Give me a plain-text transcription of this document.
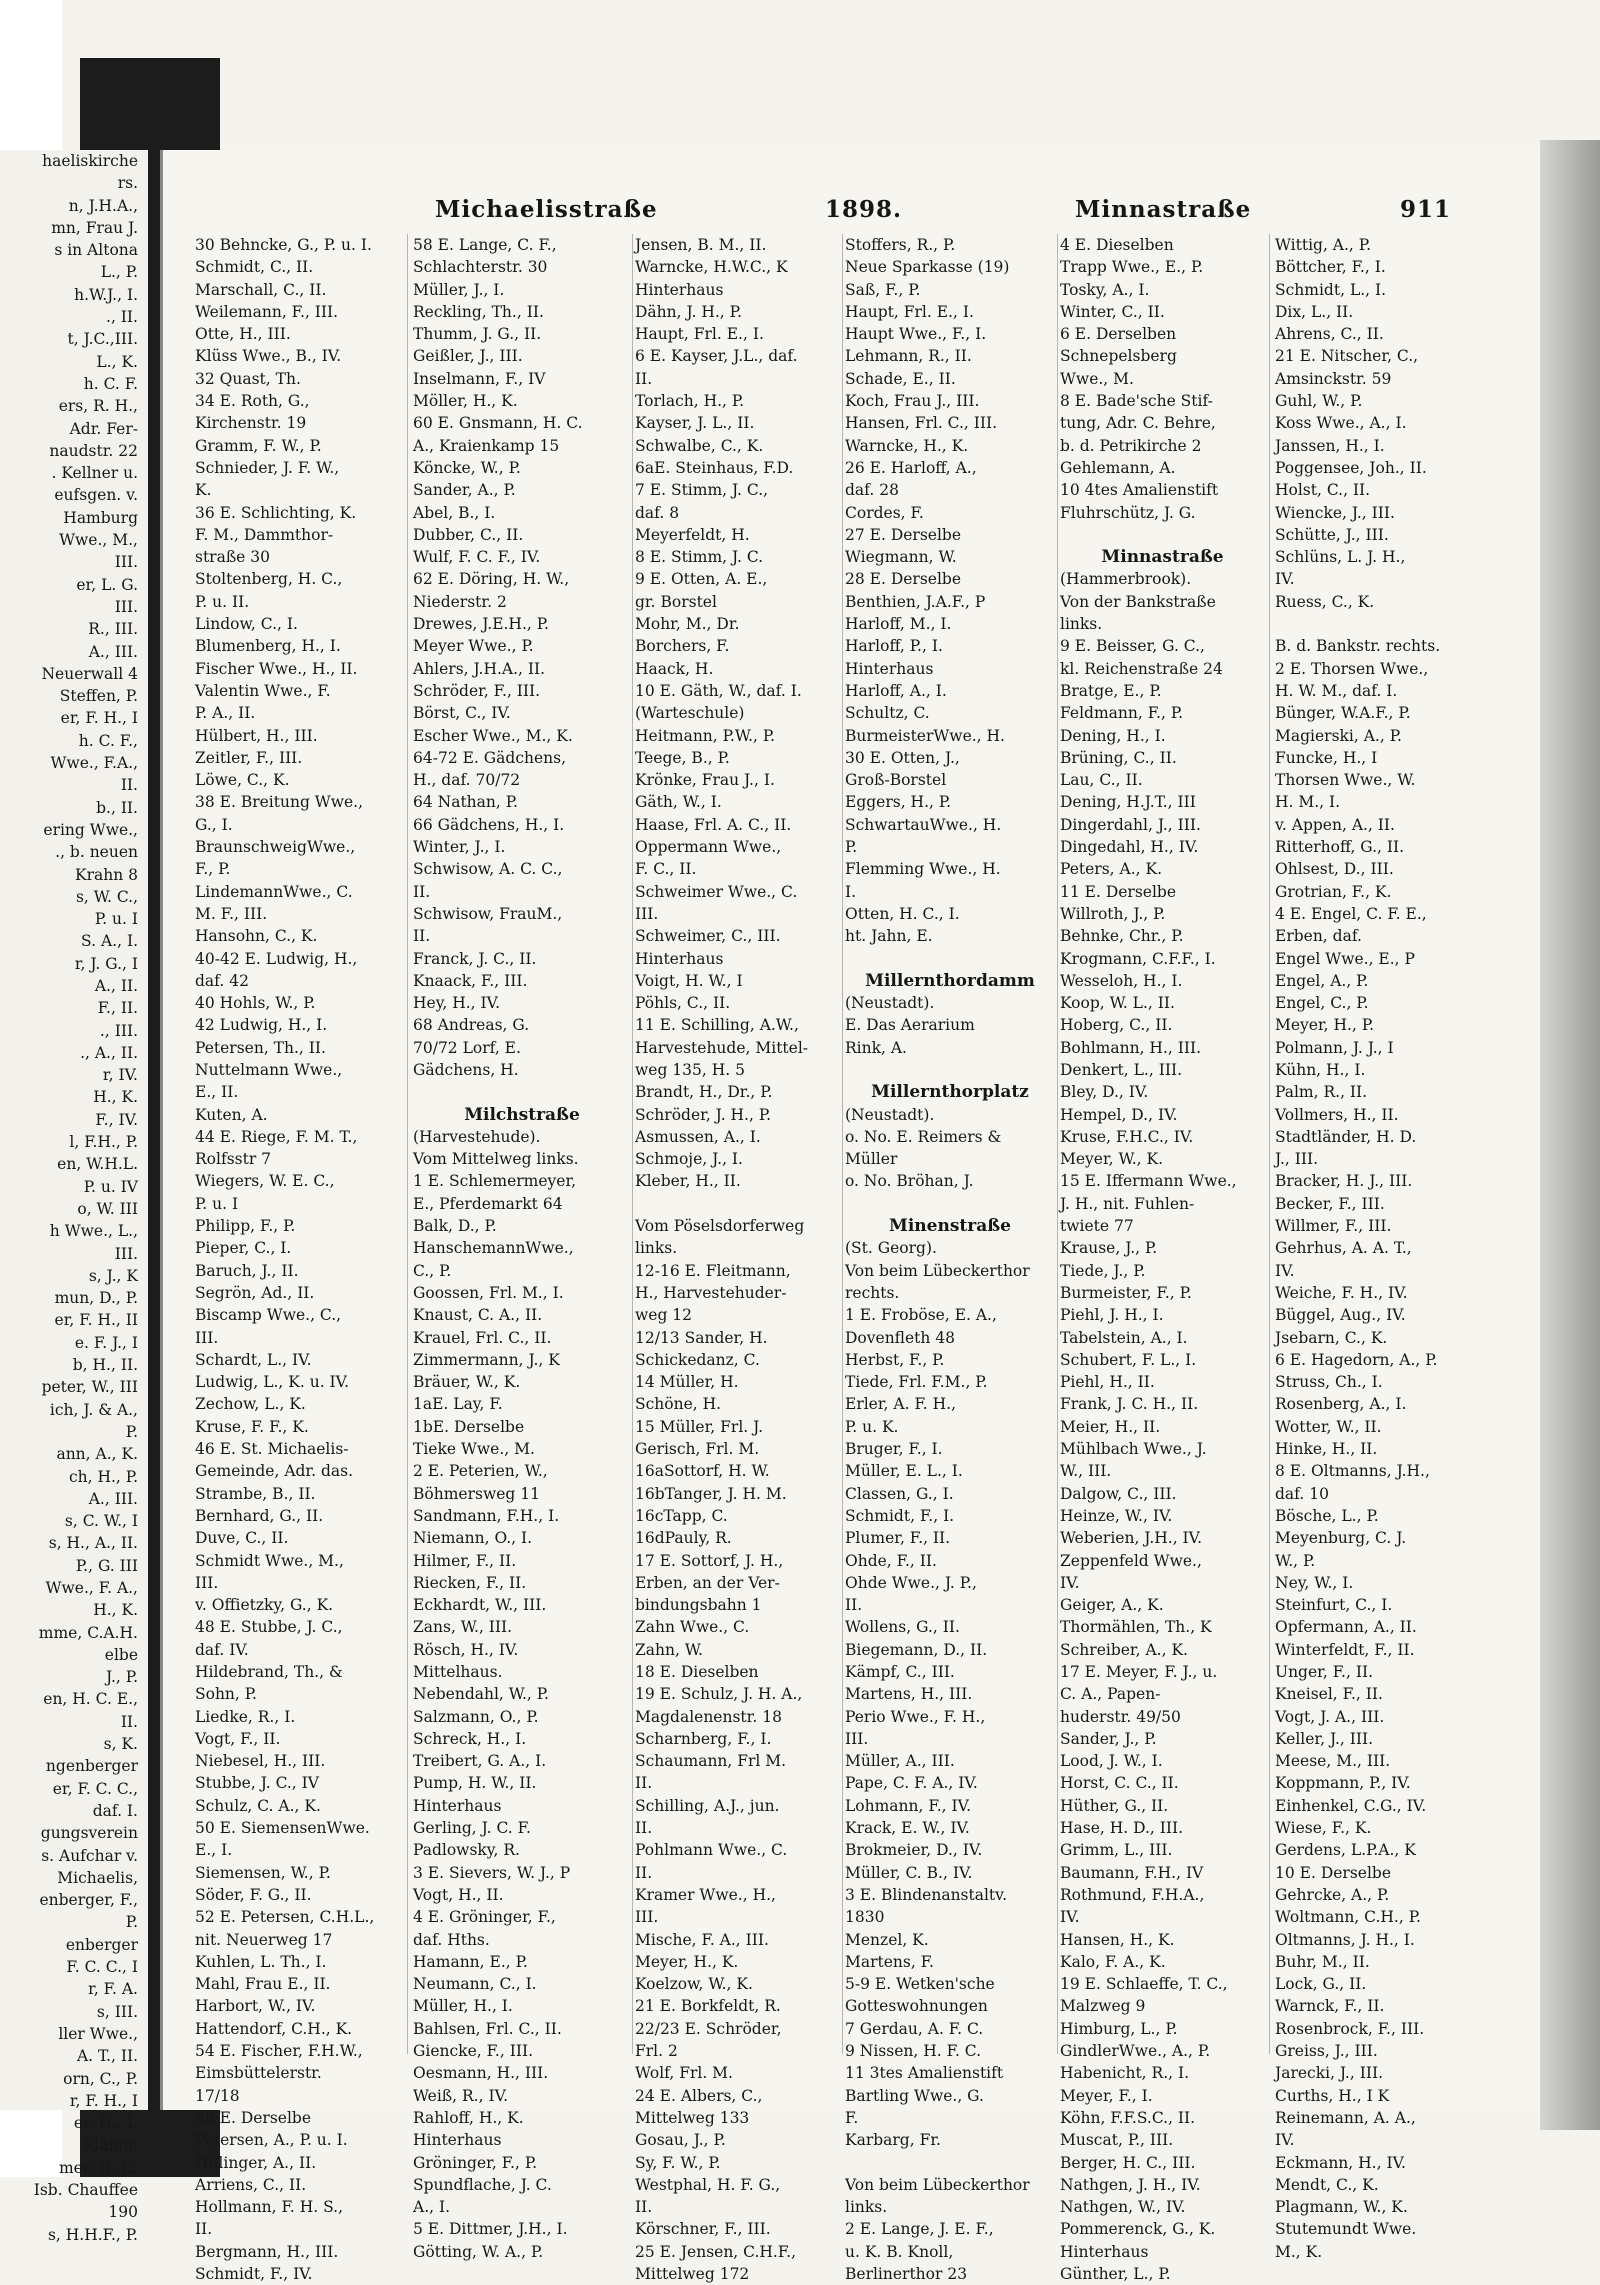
haeliskirche
rs.
n, J.H.A.,
mn, Frau J.
s in Altona
L., P.
h.W.J., I.
., II.
t, J.C.,III.
L., K.
h. C. F.
ers, R. H.,
Adr. Fer-
naudstr. 22
. Kellner u.
eufsgen. v.
Hamburg
Wwe., M.,
III.
er, L. G.
III.
R., III.
A., III.
Neuerwall 4
Steffen, P.
er, F. H., I
h. C. F.,
Wwe., F.A.,
II.
b., II.
ering Wwe.,
., b. neuen
Krahn 8
s, W. C.,
P. u. I
S. A., I.
r, J. G., I
A., II.
F., II.
., III.
., A., II.
r, IV.
H., K.
F., IV.
l, F.H., P.
en, W.H.L.
P. u. IV
o, W. III
h Wwe., L.,
III.
s, J., K
mun, D., P.
er, F. H., II
e. F. J., I
b, H., II.
peter, W., III
ich, J. & A.,
P.
ann, A., K.
ch, H., P.
A., III.
s, C. W., I
s, H., A., II.
P., G. III
Wwe., F. A.,
H., K.
mme, C.A.H.
elbe
J., P.
en, H. C. E.,
II.
s, K.
ngenberger
er, F. C. C.,
daf. I.
gungsverein
s. Aufchar v.
Michaelis,
enberger, F.,
P.
enberger
F. C. C., I
r, F. A.
s, III.
ller Wwe.,
A. T., II.
orn, C., P.
r, F. H., I
er, H., I.
Klämm
mer, H. C.
Isb. Chauffee
190
s, H.H.F., P.
Michaelisstraße	1898.	Minnastraße	911
30 Behncke, G., P. u. I.
Schmidt, C., II.
Marschall, C., II.
Weilemann, F., III.
Otte, H., III.
Klüss Wwe., B., IV.
32 Quast, Th.
34 E. Roth, G.,
Kirchenstr. 19
Gramm, F. W., P.
Schnieder, J. F. W.,
K.
36 E. Schlichting, K.
F. M., Dammthor-
straße 30
Stoltenberg, H. C.,
P. u. II.
Lindow, C., I.
Blumenberg, H., I.
Fischer Wwe., H., II.
Valentin Wwe., F.
P. A., II.
Hülbert, H., III.
Zeitler, F., III.
Löwe, C., K.
38 E. Breitung Wwe.,
G., I.
BraunschweigWwe.,
F., P.
LindemannWwe., C.
M. F., III.
Hansohn, C., K.
40-42 E. Ludwig, H.,
daf. 42
40 Hohls, W., P.
42 Ludwig, H., I.
Petersen, Th., II.
Nuttelmann Wwe.,
E., II.
Kuten, A.
44 E. Riege, F. M. T.,
Rolfsstr 7
Wiegers, W. E. C.,
P. u. I
Philipp, F., P.
Pieper, C., I.
Baruch, J., II.
Segrön, Ad., II.
Biscamp Wwe., C.,
III.
Schardt, L., IV.
Ludwig, L., K. u. IV.
Zechow, L., K.
Kruse, F. F., K.
46 E. St. Michaelis-
Gemeinde, Adr. das.
Strambe, B., II.
Bernhard, G., II.
Duve, C., II.
Schmidt Wwe., M.,
III.
v. Offietzky, G., K.
48 E. Stubbe, J. C.,
daf. IV.
Hildebrand, Th., &
Sohn, P.
Liedke, R., I.
Vogt, F., II.
Niebesel, H., III.
Stubbe, J. C., IV
Schulz, C. A., K.
50 E. SiemensenWwe.
E., I.
Siemensen, W., P.
Söder, F. G., II.
52 E. Petersen, C.H.L.,
nit. Neuerweg 17
Kuhlen, L. Th., I.
Mahl, Frau E., II.
Harbort, W., IV.
Hattendorf, C.H., K.
54 E. Fischer, F.H.W.,
Eimsbüttelerstr.
17/18
56 E. Derselbe
Petersen, A., P. u. I.
Hillinger, A., II.
Arriens, C., II.
Hollmann, F. H. S.,
II.
Bergmann, H., III.
Schmidt, F., IV.
58 E. Lange, C. F.,
Schlachterstr. 30
Müller, J., I.
Reckling, Th., II.
Thumm, J. G., II.
Geißler, J., III.
Inselmann, F., IV
Möller, H., K.
60 E. Gnsmann, H. C.
A., Kraienkamp 15
Köncke, W., P.
Sander, A., P.
Abel, B., I.
Dubber, C., II.
Wulf, F. C. F., IV.
62 E. Döring, H. W.,
Niederstr. 2
Drewes, J.E.H., P.
Meyer Wwe., P.
Ahlers, J.H.A., II.
Schröder, F., III.
Börst, C., IV.
Escher Wwe., M., K.
64-72 E. Gädchens,
H., daf. 70/72
64 Nathan, P.
66 Gädchens, H., I.
Winter, J., I.
Schwisow, A. C. C.,
II.
Schwisow, FrauM.,
II.
Franck, J. C., II.
Knaack, F., III.
Hey, H., IV.
68 Andreas, G.
70/72 Lorf, E.
Gädchens, H.

Milchstraße
(Harvestehude).
Vom Mittelweg links.
1 E. Schlemermeyer,
E., Pferdemarkt 64
Balk, D., P.
HanschemannWwe.,
C., P.
Goossen, Frl. M., I.
Knaust, C. A., II.
Krauel, Frl. C., II.
Zimmermann, J., K
Bräuer, W., K.
1aE. Lay, F.
1bE. Derselbe
Tieke Wwe., M.
2 E. Peterien, W.,
Böhmersweg 11
Sandmann, F.H., I.
Niemann, O., I.
Hilmer, F., II.
Riecken, F., II.
Eckhardt, W., III.
Zans, W., III.
Rösch, H., IV.
Mittelhaus.
Nebendahl, W., P.
Salzmann, O., P.
Schreck, H., I.
Treibert, G. A., I.
Pump, H. W., II.
Hinterhaus
Gerling, J. C. F.
Padlowsky, R.
3 E. Sievers, W. J., P
Vogt, H., II.
4 E. Gröninger, F.,
daf. Hths.
Hamann, E., P.
Neumann, C., I.
Müller, H., I.
Bahlsen, Frl. C., II.
Giencke, F., III.
Oesmann, H., III.
Weiß, R., IV.
Rahloff, H., K.
Hinterhaus
Gröninger, F., P.
Spundflache, J. C.
A., I.
5 E. Dittmer, J.H., I.
Götting, W. A., P.
Jensen, B. M., II.
Warncke, H.W.C., K
Hinterhaus
Dähn, J. H., P.
Haupt, Frl. E., I.
6 E. Kayser, J.L., daf.
II.
Torlach, H., P.
Kayser, J. L., II.
Schwalbe, C., K.
6aE. Steinhaus, F.D.
7 E. Stimm, J. C.,
daf. 8
Meyerfeldt, H.
8 E. Stimm, J. C.
9 E. Otten, A. E.,
gr. Borstel
Mohr, M., Dr.
Borchers, F.
Haack, H.
10 E. Gäth, W., daf. I.
(Warteschule)
Heitmann, P.W., P.
Teege, B., P.
Krönke, Frau J., I.
Gäth, W., I.
Haase, Frl. A. C., II.
Oppermann Wwe.,
F. C., II.
Schweimer Wwe., C.
III.
Schweimer, C., III.
Hinterhaus
Voigt, H. W., I
Pöhls, C., II.
11 E. Schilling, A.W.,
Harvestehude, Mittel-
weg 135, H. 5
Brandt, H., Dr., P.
Schröder, J. H., P.
Asmussen, A., I.
Schmoje, J., I.
Kleber, H., II.

Vom Pöselsdorferweg
links.
12-16 E. Fleitmann,
H., Harvestehuder-
weg 12
12/13 Sander, H.
Schickedanz, C.
14 Müller, H.
Schöne, H.
15 Müller, Frl. J.
Gerisch, Frl. M.
16aSottorf, H. W.
16bTanger, J. H. M.
16cTapp, C.
16dPauly, R.
17 E. Sottorf, J. H.,
Erben, an der Ver-
bindungsbahn 1
Zahn Wwe., C.
Zahn, W.
18 E. Dieselben
19 E. Schulz, J. H. A.,
Magdalenenstr. 18
Scharnberg, F., I.
Schaumann, Frl M.
II.
Schilling, A.J., jun.
II.
Pohlmann Wwe., C.
II.
Kramer Wwe., H.,
III.
Mische, F. A., III.
Meyer, H., K.
Koelzow, W., K.
21 E. Borkfeldt, R.
22/23 E. Schröder,
Frl. 2
Wolf, Frl. M.
24 E. Albers, C.,
Mittelweg 133
Gosau, J., P.
Sy, F. W., P.
Westphal, H. F. G.,
II.
Körschner, F., III.
25 E. Jensen, C.H.F.,
Mittelweg 172
Stoffers, R., P.
Neue Sparkasse (19)
Saß, F., P.
Haupt, Frl. E., I.
Haupt Wwe., F., I.
Lehmann, R., II.
Schade, E., II.
Koch, Frau J., III.
Hansen, Frl. C., III.
Warncke, H., K.
26 E. Harloff, A.,
daf. 28
Cordes, F.
27 E. Derselbe
Wiegmann, W.
28 E. Derselbe
Benthien, J.A.F., P
Harloff, M., I.
Harloff, P., I.
Hinterhaus
Harloff, A., I.
Schultz, C.
BurmeisterWwe., H.
30 E. Otten, J.,
Groß-Borstel
Eggers, H., P.
SchwartauWwe., H.
P.
Flemming Wwe., H.
I.
Otten, H. C., I.
ht. Jahn, E.

Millernthordamm
(Neustadt).
E. Das Aerarium
Rink, A.

Millernthorplatz
(Neustadt).
o. No. E. Reimers &
Müller
o. No. Bröhan, J.

Minenstraße
(St. Georg).
Von beim Lübeckerthor
rechts.
1 E. Froböse, E. A.,
Dovenfleth 48
Herbst, F., P.
Tiede, Frl. F.M., P.
Erler, A. F. H.,
P. u. K.
Bruger, F., I.
Müller, E. L., I.
Classen, G., I.
Schmidt, F., I.
Plumer, F., II.
Ohde, F., II.
Ohde Wwe., J. P.,
II.
Wollens, G., II.
Biegemann, D., II.
Kämpf, C., III.
Martens, H., III.
Perio Wwe., F. H.,
III.
Müller, A., III.
Pape, C. F. A., IV.
Lohmann, F., IV.
Krack, E. W., IV.
Brokmeier, D., IV.
Müller, C. B., IV.
3 E. Blindenanstaltv.
1830
Menzel, K.
Martens, F.
5-9 E. Wetken'sche
Gotteswohnungen
7 Gerdau, A. F. C.
9 Nissen, H. F. C.
11 3tes Amalienstift
Bartling Wwe., G.
F.
Karbarg, Fr.

Von beim Lübeckerthor
links.
2 E. Lange, J. E. F.,
u. K. B. Knoll,
Berlinerthor 23
4 E. Dieselben
Trapp Wwe., E., P.
Tosky, A., I.
Winter, C., II.
6 E. Derselben
Schnepelsberg
Wwe., M.
8 E. Bade'sche Stif-
tung, Adr. C. Behre,
b. d. Petrikirche 2
Gehlemann, A.
10 4tes Amalienstift
Fluhrschütz, J. G.

Minnastraße
(Hammerbrook).
Von der Bankstraße
links.
9 E. Beisser, G. C.,
kl. Reichenstraße 24
Bratge, E., P.
Feldmann, F., P.
Dening, H., I.
Brüning, C., II.
Lau, C., II.
Dening, H.J.T., III
Dingerdahl, J., III.
Dingedahl, H., IV.
Peters, A., K.
11 E. Derselbe
Willroth, J., P.
Behnke, Chr., P.
Krogmann, C.F.F., I.
Wesseloh, H., I.
Koop, W. L., II.
Hoberg, C., II.
Bohlmann, H., III.
Denkert, L., III.
Bley, D., IV.
Hempel, D., IV.
Kruse, F.H.C., IV.
Meyer, W., K.
15 E. Iffermann Wwe.,
J. H., nit. Fuhlen-
twiete 77
Krause, J., P.
Tiede, J., P.
Burmeister, F., P.
Piehl, J. H., I.
Tabelstein, A., I.
Schubert, F. L., I.
Piehl, H., II.
Frank, J. C. H., II.
Meier, H., II.
Mühlbach Wwe., J.
W., III.
Dalgow, C., III.
Heinze, W., IV.
Weberien, J.H., IV.
Zeppenfeld Wwe.,
IV.
Geiger, A., K.
Thormählen, Th., K
Schreiber, A., K.
17 E. Meyer, F. J., u.
C. A., Papen-
huderstr. 49/50
Sander, J., P.
Lood, J. W., I.
Horst, C. C., II.
Hüther, G., II.
Hase, H. D., III.
Grimm, L., III.
Baumann, F.H., IV
Rothmund, F.H.A.,
IV.
Hansen, H., K.
Kalo, F. A., K.
19 E. Schlaeffe, T. C.,
Malzweg 9
Himburg, L., P.
GindlerWwe., A., P.
Habenicht, R., I.
Meyer, F., I.
Köhn, F.F.S.C., II.
Muscat, P., III.
Berger, H. C., III.
Nathgen, J. H., IV.
Nathgen, W., IV.
Pommerenck, G., K.
Hinterhaus
Günther, L., P.
Wittig, A., P.
Böttcher, F., I.
Schmidt, L., I.
Dix, L., II.
Ahrens, C., II.
21 E. Nitscher, C.,
Amsinckstr. 59
Guhl, W., P.
Koss Wwe., A., I.
Janssen, H., I.
Poggensee, Joh., II.
Holst, C., II.
Wiencke, J., III.
Schütte, J., III.
Schlüns, L. J. H.,
IV.
Ruess, C., K.

B. d. Bankstr. rechts.
2 E. Thorsen Wwe.,
H. W. M., daf. I.
Bünger, W.A.F., P.
Magierski, A., P.
Funcke, H., I
Thorsen Wwe., W.
H. M., I.
v. Appen, A., II.
Ritterhoff, G., II.
Ohlsest, D., III.
Grotrian, F., K.
4 E. Engel, C. F. E.,
Erben, daf.
Engel Wwe., E., P
Engel, A., P.
Engel, C., P.
Meyer, H., P.
Polmann, J. J., I
Kühn, H., I.
Palm, R., II.
Vollmers, H., II.
Stadtländer, H. D.
J., III.
Bracker, H. J., III.
Becker, F., III.
Willmer, F., III.
Gehrhus, A. A. T.,
IV.
Weiche, F. H., IV.
Büggel, Aug., IV.
Jsebarn, C., K.
6 E. Hagedorn, A., P.
Struss, Ch., I.
Rosenberg, A., I.
Wotter, W., II.
Hinke, H., II.
8 E. Oltmanns, J.H.,
daf. 10
Bösche, L., P.
Meyenburg, C. J.
W., P.
Ney, W., I.
Steinfurt, C., I.
Opfermann, A., II.
Winterfeldt, F., II.
Unger, F., II.
Kneisel, F., II.
Vogt, J. A., III.
Keller, J., III.
Meese, M., III.
Koppmann, P., IV.
Einhenkel, C.G., IV.
Wiese, F., K.
Gerdens, L.P.A., K
10 E. Derselbe
Gehrcke, A., P.
Woltmann, C.H., P.
Oltmanns, J. H., I.
Buhr, M., II.
Lock, G., II.
Warnck, F., II.
Rosenbrock, F., III.
Greiss, J., III.
Jarecki, J., III.
Curths, H., I K
Reinemann, A. A.,
IV.
Eckmann, H., IV.
Mendt, C., K.
Plagmann, W., K.
Stutemundt Wwe.
M., K.
